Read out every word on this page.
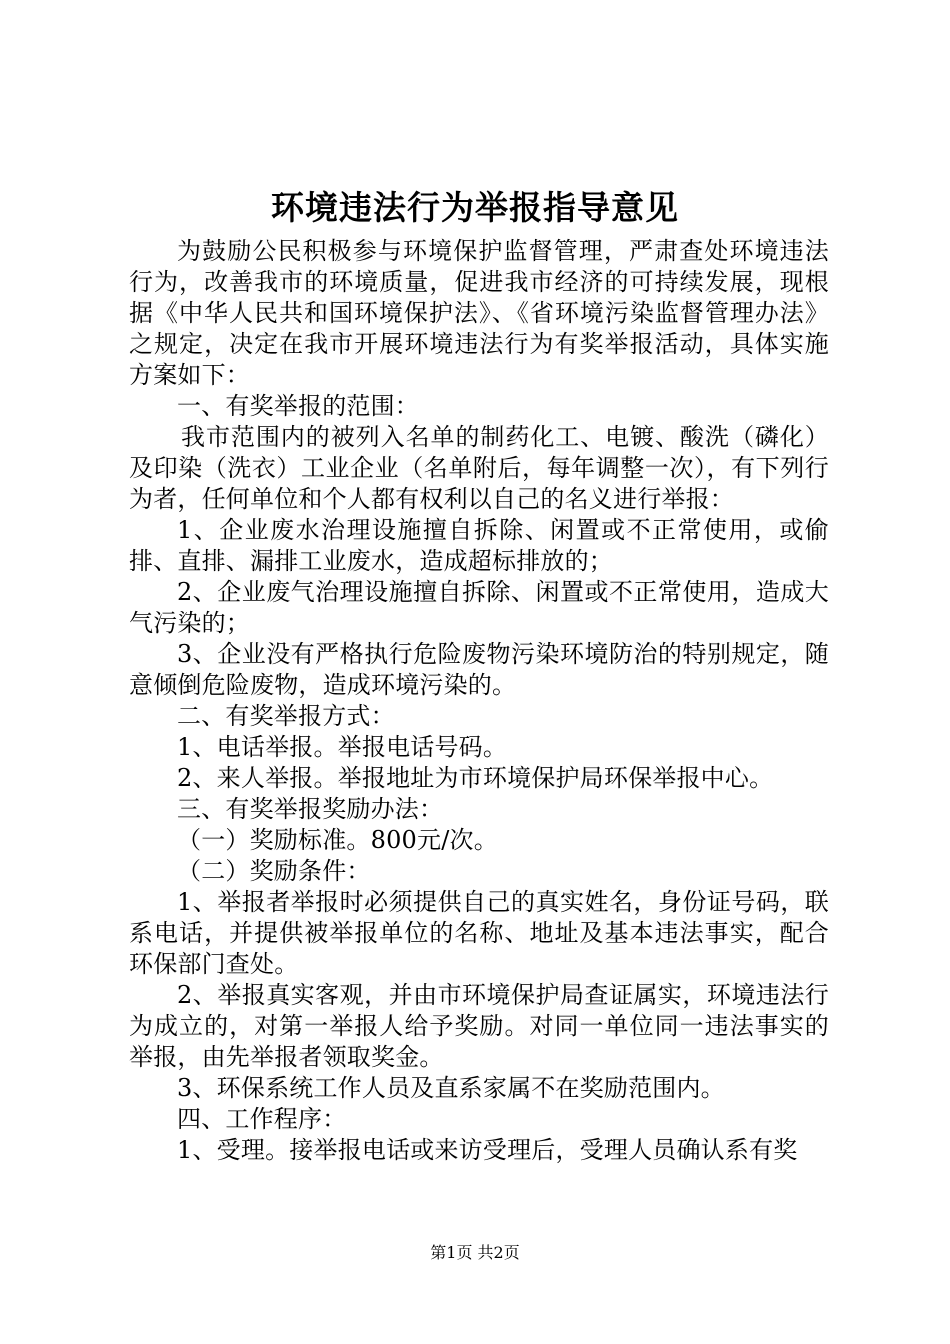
环境违法行为举报指导意见

为鼓励公民积极参与环境保护监督管理，严肃查处环境违法行为，改善我市的环境质量，促进我市经济的可持续发展，现根据《中华人民共和国环境保护法》、《省环境污染监督管理办法》之规定，决定在我市开展环境违法行为有奖举报活动，具体实施方案如下：

一、有奖举报的范围：

我市范围内的被列入名单的制药化工、电镀、酸洗（磷化）及印染（洗衣）工业企业（名单附后，每年调整一次），有下列行为者，任何单位和个人都有权利以自己的名义进行举报：

1、企业废水治理设施擅自拆除、闲置或不正常使用，或偷排、直排、漏排工业废水，造成超标排放的；

2、企业废气治理设施擅自拆除、闲置或不正常使用，造成大气污染的；

3、企业没有严格执行危险废物污染环境防治的特别规定，随意倾倒危险废物，造成环境污染的。

二、有奖举报方式：

1、电话举报。举报电话号码。

2、来人举报。举报地址为市环境保护局环保举报中心。

三、有奖举报奖励办法：

（一）奖励标准。800元/次。

（二）奖励条件：

1、举报者举报时必须提供自己的真实姓名，身份证号码，联系电话，并提供被举报单位的名称、地址及基本违法事实，配合环保部门查处。

2、举报真实客观，并由市环境保护局查证属实，环境违法行为成立的，对第一举报人给予奖励。对同一单位同一违法事实的举报，由先举报者领取奖金。

3、环保系统工作人员及直系家属不在奖励范围内。

四、工作程序：

1、受理。接举报电话或来访受理后，受理人员确认系有奖

第1页 共2页
